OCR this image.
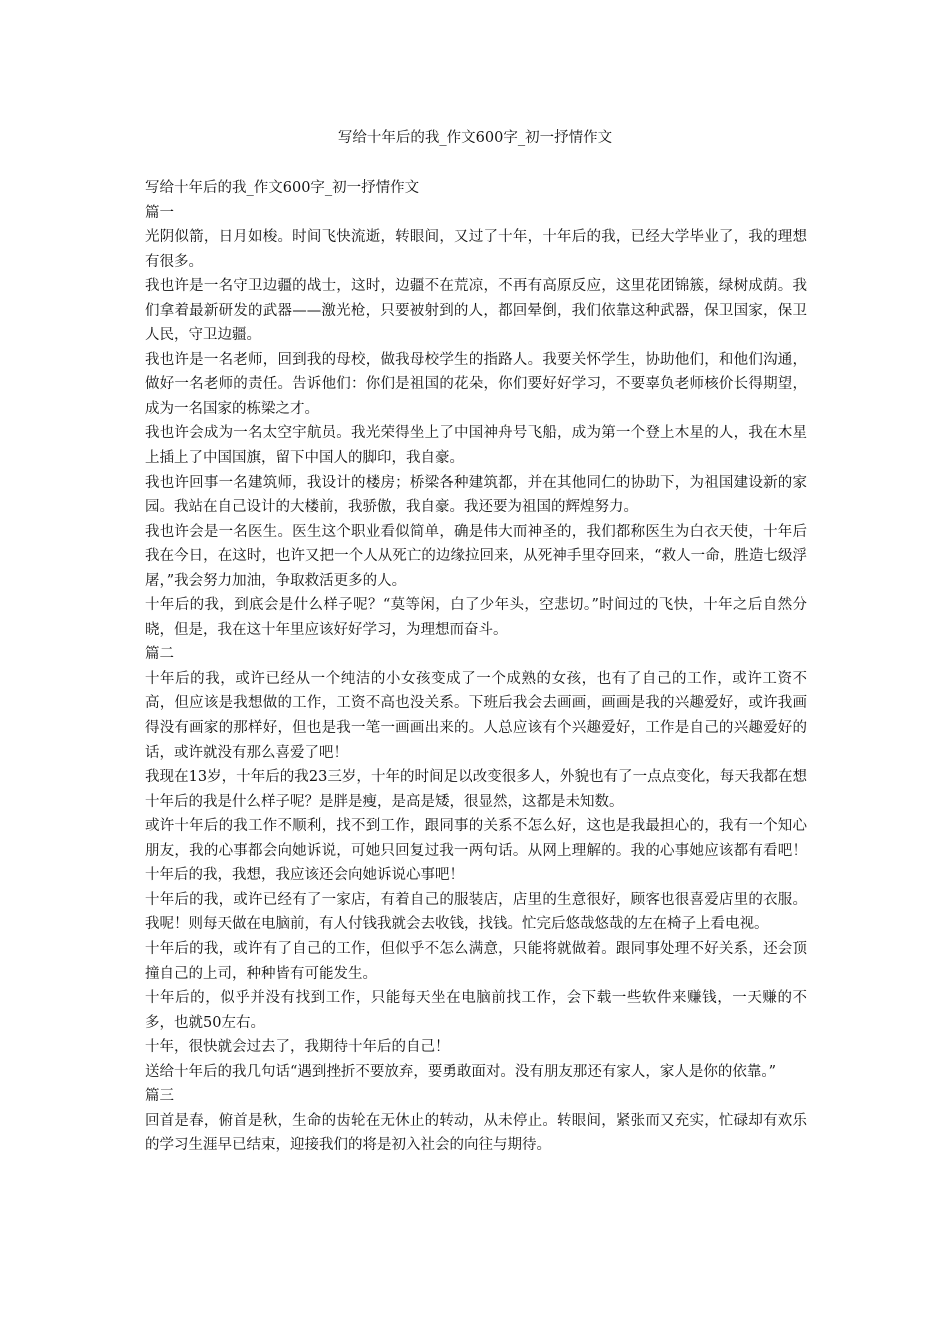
写给十年后的我_作文600字_初一抒情作文

写给十年后的我_作文600字_初一抒情作文

篇一

光阴似箭，日月如梭。时间飞快流逝，转眼间，又过了十年，十年后的我，已经大学毕业了，我的理想有很多。

我也许是一名守卫边疆的战士，这时，边疆不在荒凉，不再有高原反应，这里花团锦簇，绿树成荫。我们拿着最新研发的武器——激光枪，只要被射到的人，都回晕倒，我们依靠这种武器，保卫国家，保卫人民，守卫边疆。

我也许是一名老师，回到我的母校，做我母校学生的指路人。我要关怀学生，协助他们，和他们沟通，做好一名老师的责任。告诉他们：你们是祖国的花朵，你们要好好学习，不要辜负老师核价长得期望，成为一名国家的栋梁之才。

我也许会成为一名太空宇航员。我光荣得坐上了中国神舟号飞船，成为第一个登上木星的人，我在木星上插上了中国国旗，留下中国人的脚印，我自豪。

我也许回事一名建筑师，我设计的楼房；桥梁各种建筑都，并在其他同仁的协助下，为祖国建设新的家园。我站在自己设计的大楼前，我骄傲，我自豪。我还要为祖国的辉煌努力。

我也许会是一名医生。医生这个职业看似简单，确是伟大而神圣的，我们都称医生为白衣天使，十年后我在今日，在这时，也许又把一个人从死亡的边缘拉回来，从死神手里夺回来，“救人一命，胜造七级浮屠，”我会努力加油，争取救活更多的人。

十年后的我，到底会是什么样子呢？“莫等闲，白了少年头，空悲切。”时间过的飞快，十年之后自然分晓，但是，我在这十年里应该好好学习，为理想而奋斗。

篇二

十年后的我，或许已经从一个纯洁的小女孩变成了一个成熟的女孩，也有了自己的工作，或许工资不高，但应该是我想做的工作，工资不高也没关系。下班后我会去画画，画画是我的兴趣爱好，或许我画得没有画家的那样好，但也是我一笔一画画出来的。人总应该有个兴趣爱好，工作是自己的兴趣爱好的话，或许就没有那么喜爱了吧！

我现在13岁，十年后的我23三岁，十年的时间足以改变很多人，外貌也有了一点点变化，每天我都在想十年后的我是什么样子呢？是胖是瘦，是高是矮，很显然，这都是未知数。

或许十年后的我工作不顺利，找不到工作，跟同事的关系不怎么好，这也是我最担心的，我有一个知心朋友，我的心事都会向她诉说，可她只回复过我一两句话。从网上理解的。我的心事她应该都有看吧！十年后的我，我想，我应该还会向她诉说心事吧！

十年后的我，或许已经有了一家店，有着自己的服装店，店里的生意很好，顾客也很喜爱店里的衣服。我呢！则每天做在电脑前，有人付钱我就会去收钱，找钱。忙完后悠哉悠哉的左在椅子上看电视。

十年后的我，或许有了自己的工作，但似乎不怎么满意，只能将就做着。跟同事处理不好关系，还会顶撞自己的上司，种种皆有可能发生。

十年后的，似乎并没有找到工作，只能每天坐在电脑前找工作，会下载一些软件来赚钱，一天赚的不多，也就50左右。

十年，很快就会过去了，我期待十年后的自己！

送给十年后的我几句话“遇到挫折不要放弃，要勇敢面对。没有朋友那还有家人，家人是你的依靠。”

篇三

回首是春，俯首是秋，生命的齿轮在无休止的转动，从未停止。转眼间，紧张而又充实，忙碌却有欢乐的学习生涯早已结束，迎接我们的将是初入社会的向往与期待。
